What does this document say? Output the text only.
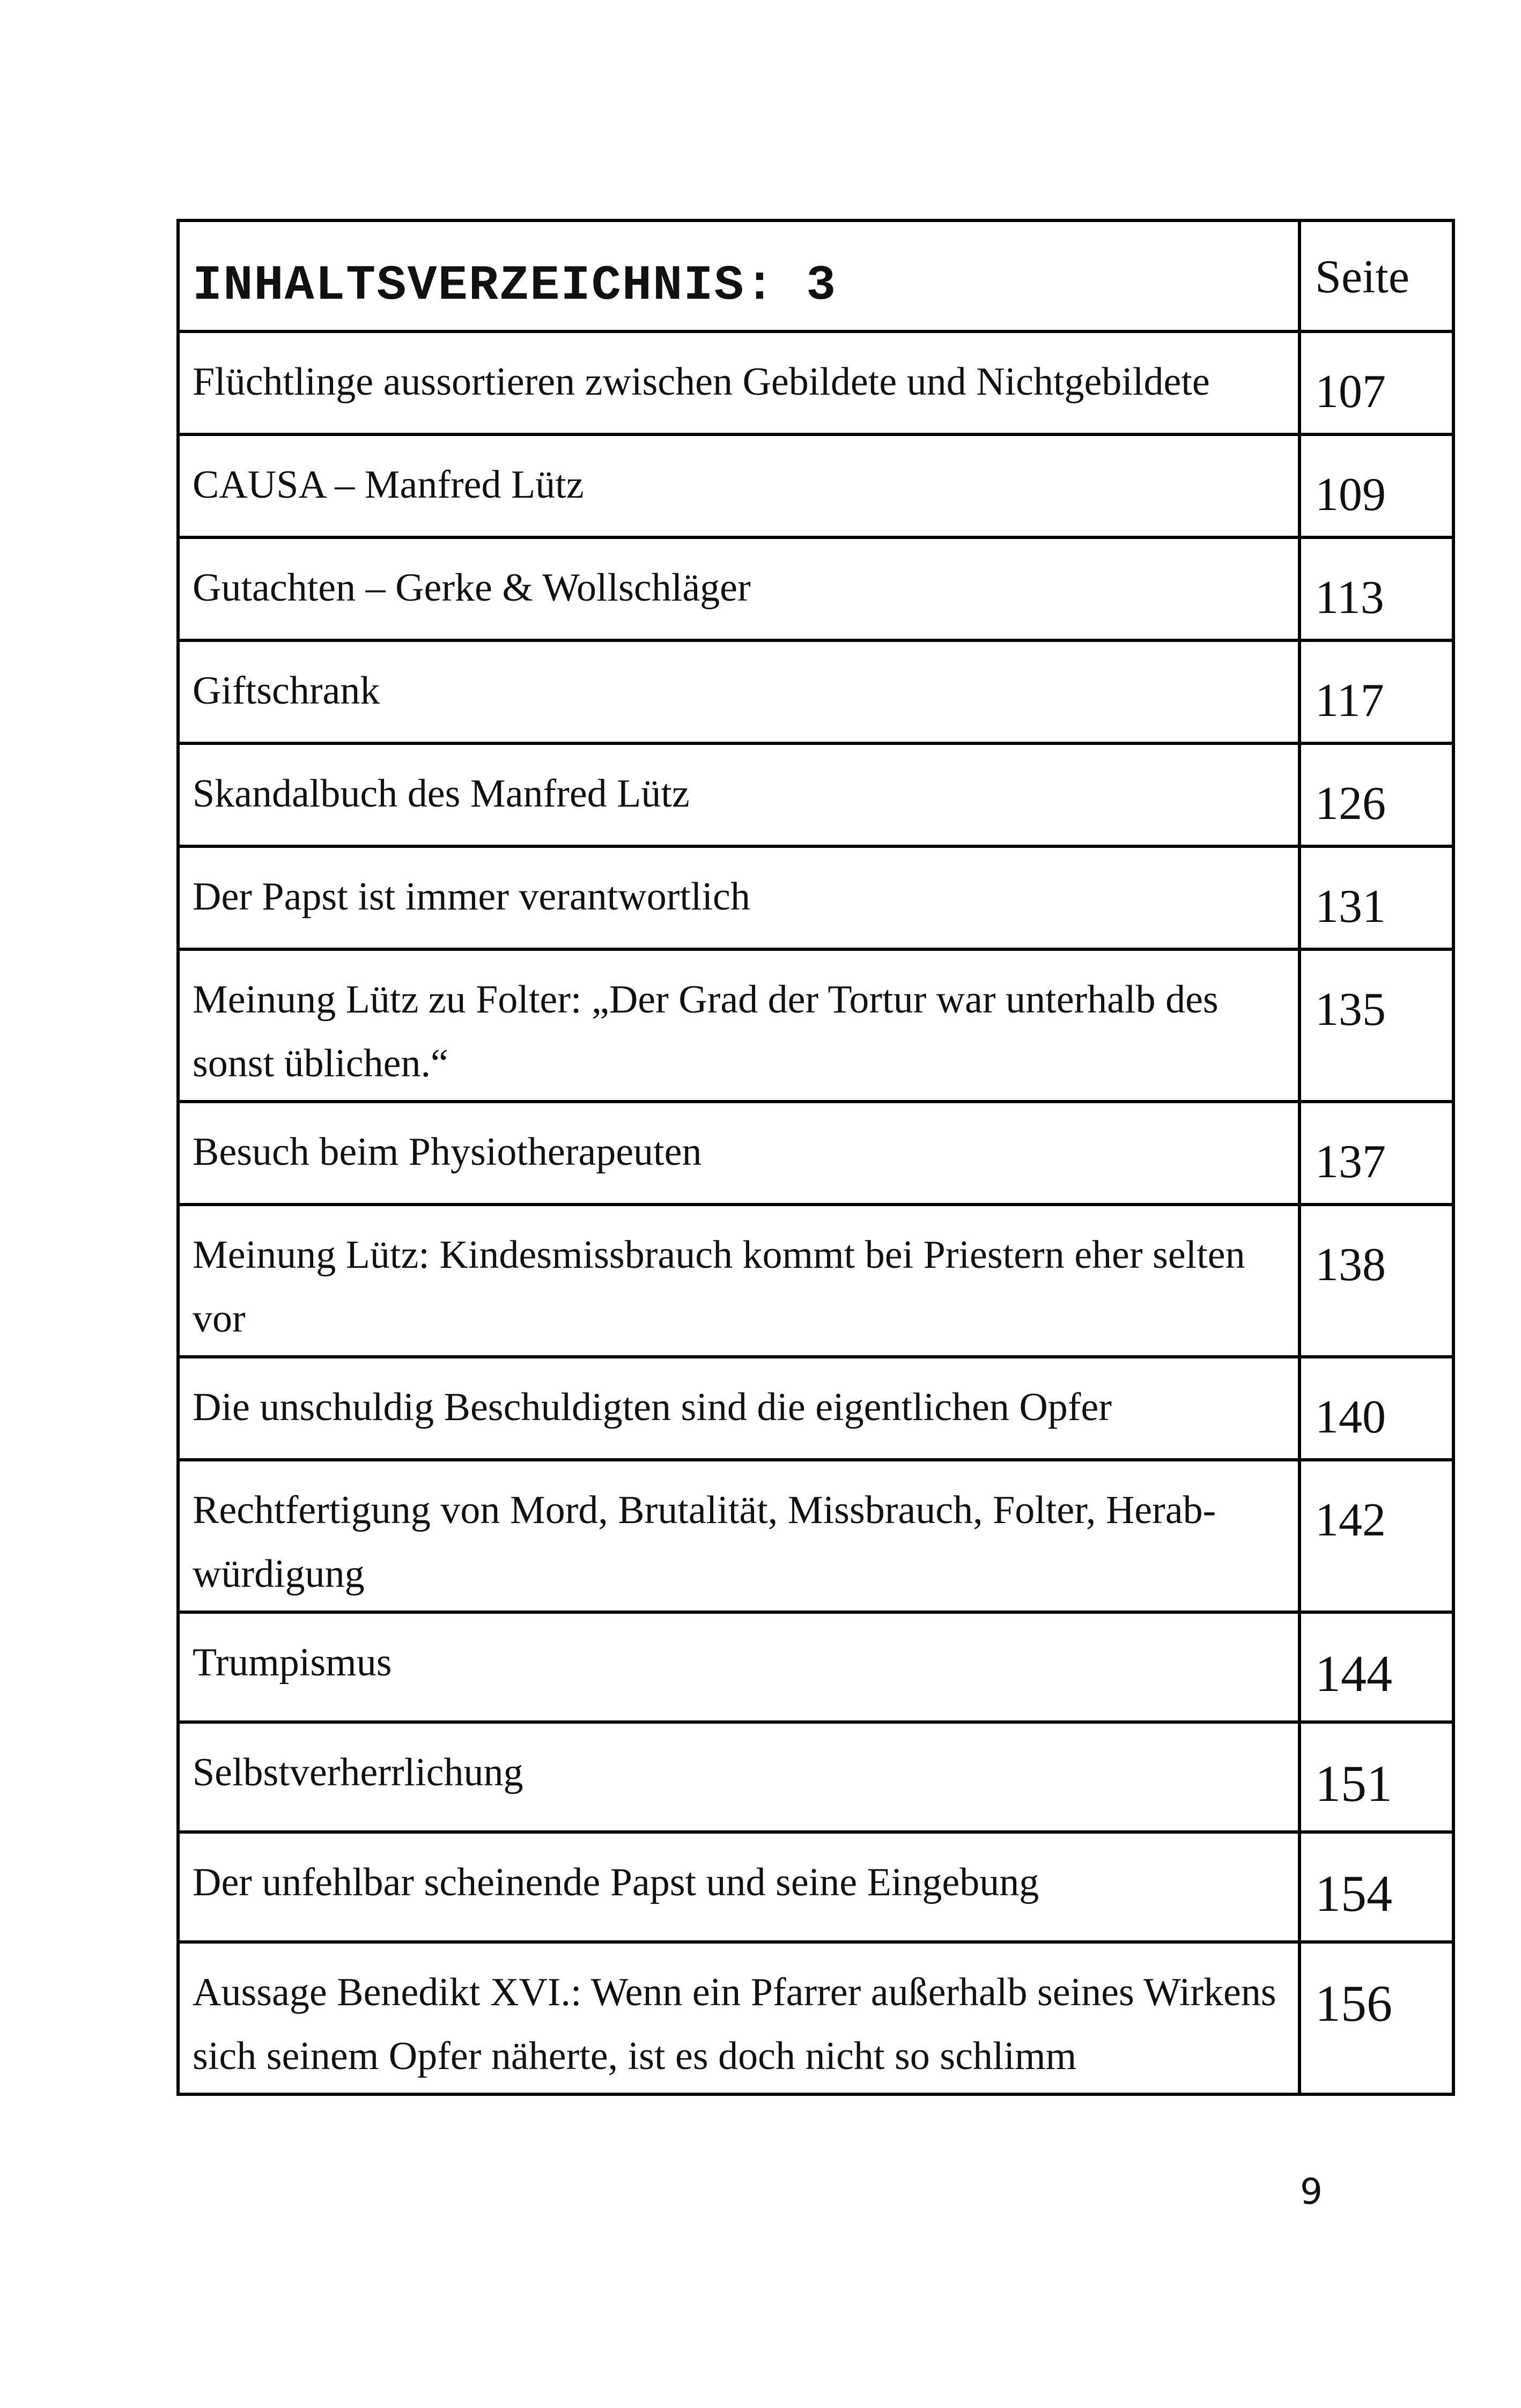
INHALTSVERZEICHNIS: 3	Seite

Flüchtlinge aussortieren zwischen Gebildete und Nichtgebildete	107

CAUSA – Manfred Lütz	109

Gutachten – Gerke & Wollschläger	113

Giftschrank	117

Skandalbuch des Manfred Lütz	126

Der Papst ist immer verantwortlich	131

Meinung Lütz zu Folter: „Der Grad der Tortur war unterhalb des sonst üblichen.“	135

Besuch beim Physiotherapeuten	137

Meinung Lütz: Kindesmissbrauch kommt bei Priestern eher selten vor	138

Die unschuldig Beschuldigten sind die eigentlichen Opfer	140

Rechtfertigung von Mord, Brutalität, Missbrauch, Folter, Herab-würdigung	142

Trumpismus	144

Selbstverherrlichung	151

Der unfehlbar scheinende Papst und seine Eingebung	154

Aussage Benedikt XVI.: Wenn ein Pfarrer außerhalb seines Wirkens sich seinem Opfer näherte, ist es doch nicht so schlimm	156
9
